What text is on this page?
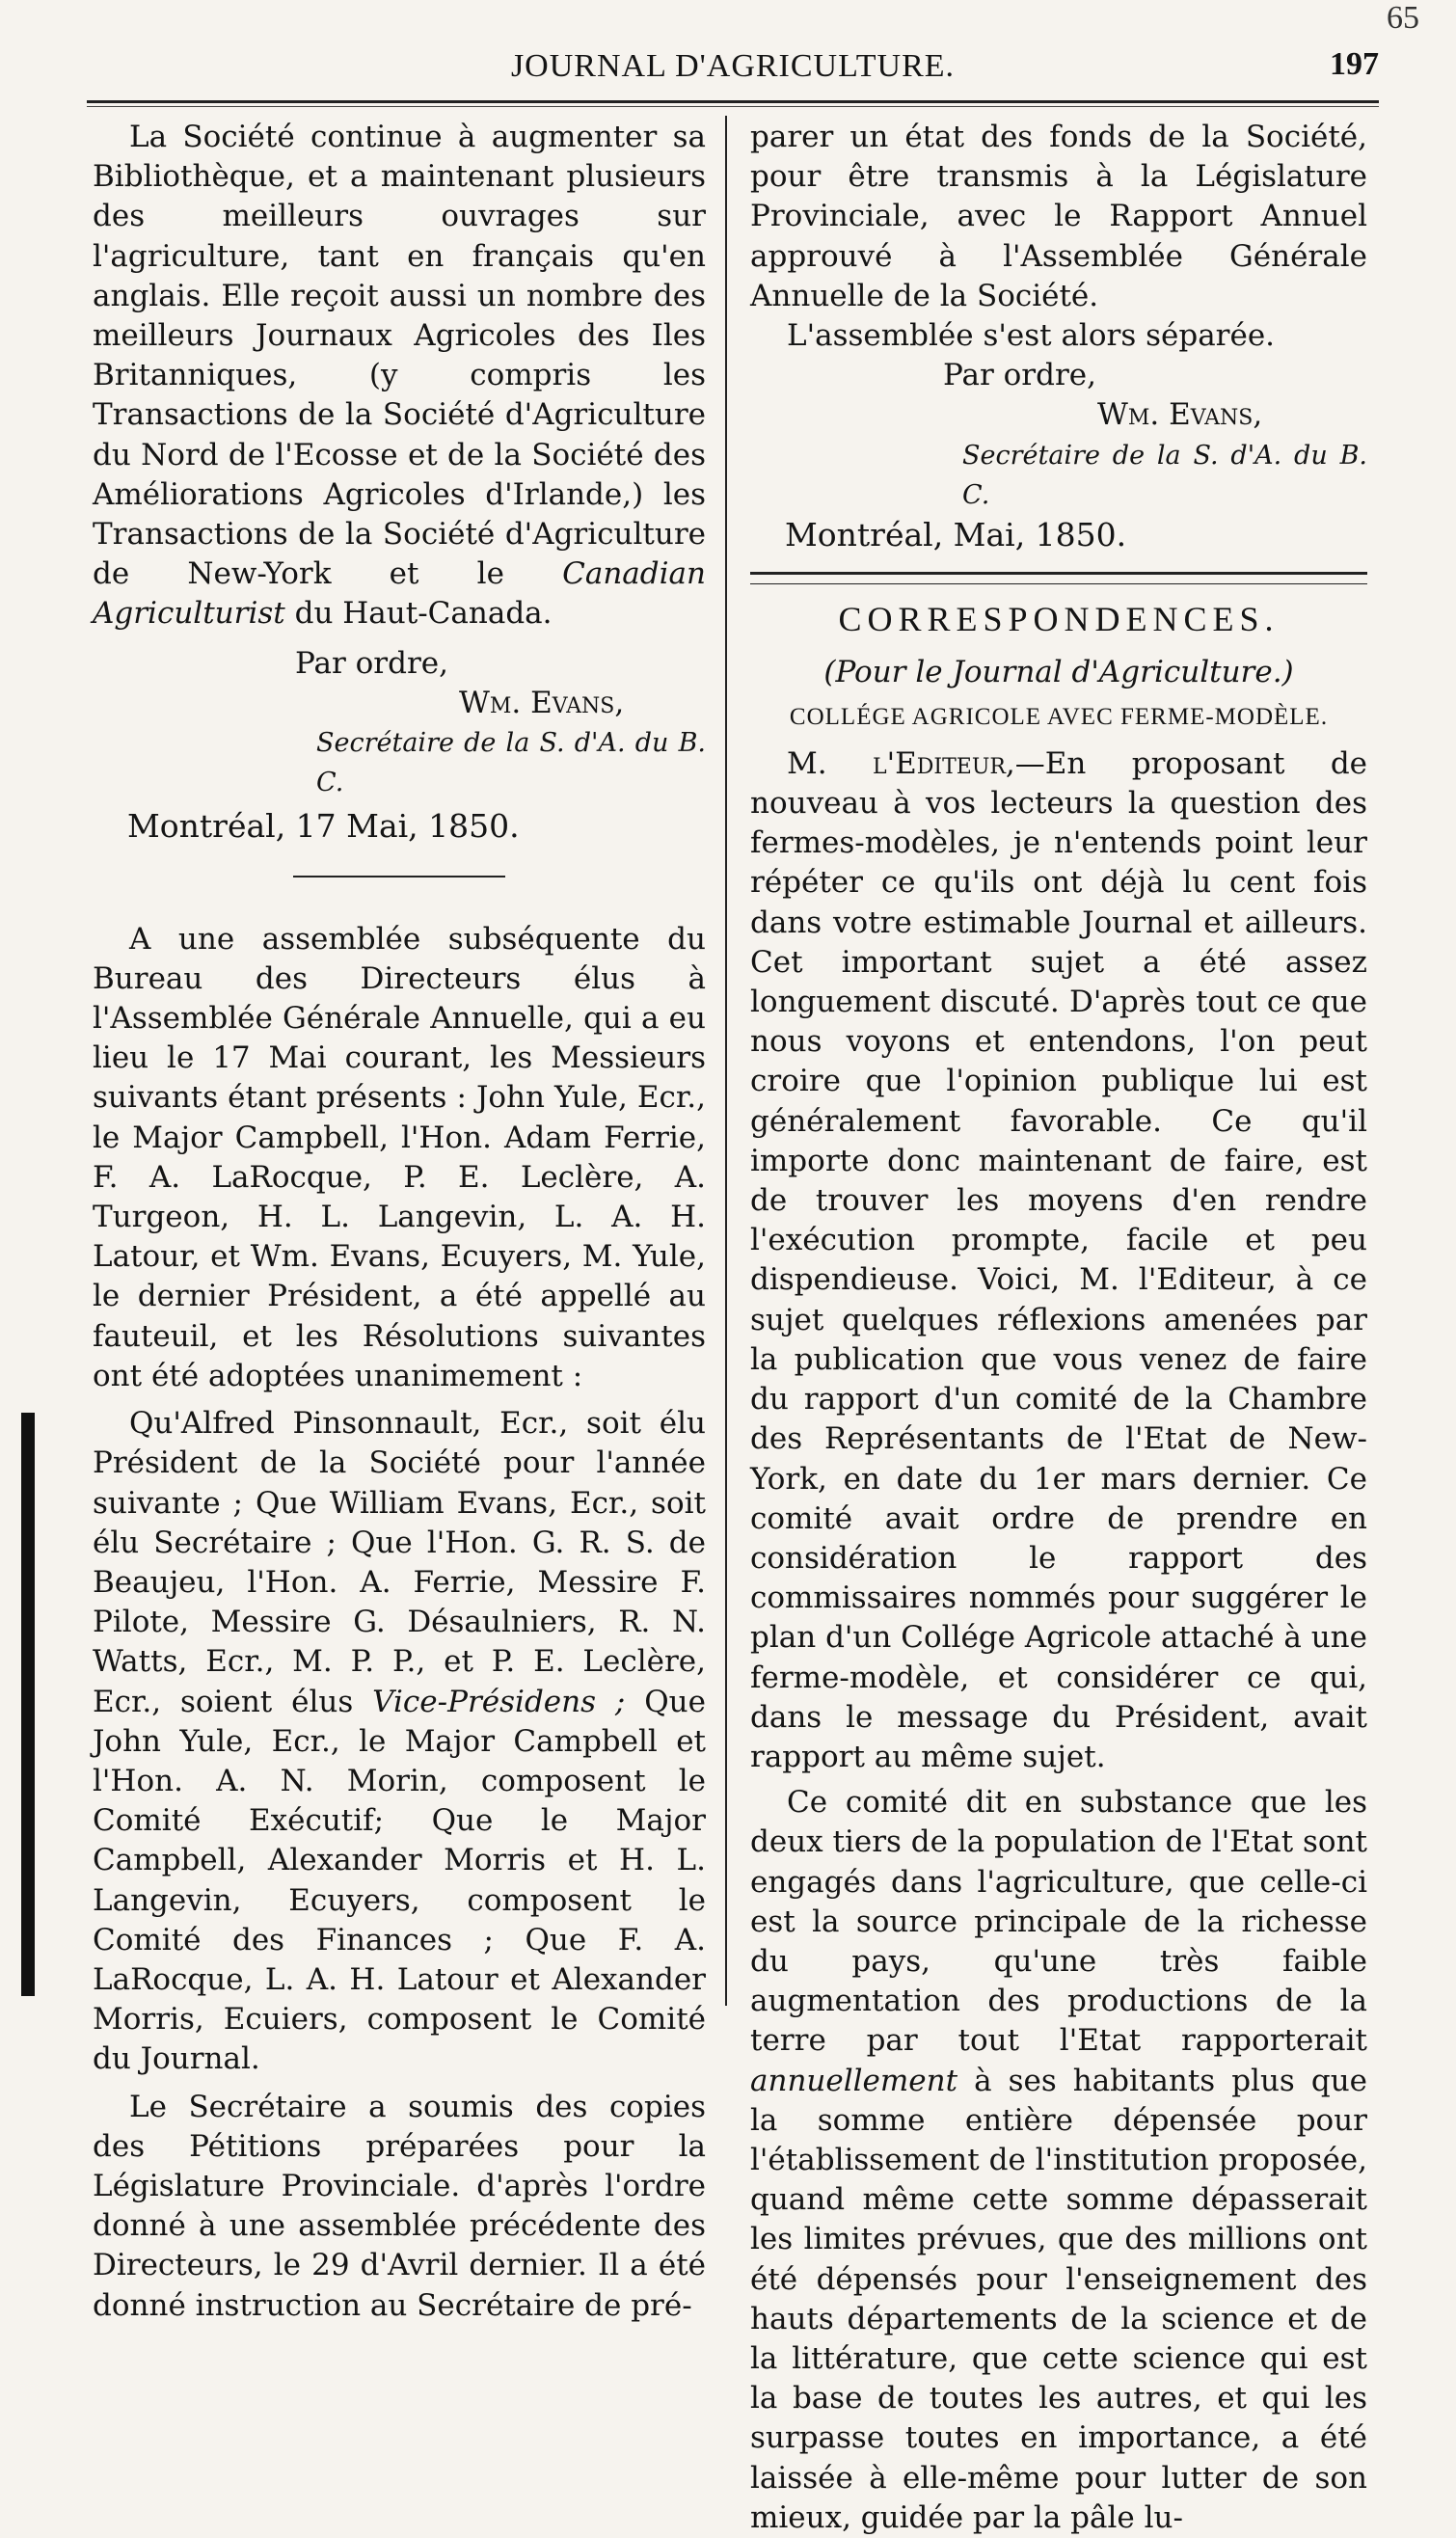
65
JOURNAL D'AGRICULTURE.	197

La Société continue à augmenter sa Bibliothèque, et a maintenant plusieurs des meilleurs ouvrages sur l'agriculture, tant en français qu'en anglais. Elle reçoit aussi un nombre des meilleurs Journaux Agricoles des Iles Britanniques, (y compris les Transactions de la Société d'Agriculture du Nord de l'Ecosse et de la Société des Améliorations Agricoles d'Irlande,) les Transactions de la Société d'Agriculture de New-York et le Canadian Agriculturist du Haut-Canada.

Par ordre,

Wm. Evans,

Secrétaire de la S. d'A. du B. C.

Montréal, 17 Mai, 1850.

A une assemblée subséquente du Bureau des Directeurs élus à l'Assemblée Générale Annuelle, qui a eu lieu le 17 Mai courant, les Messieurs suivants étant présents : John Yule, Ecr., le Major Campbell, l'Hon. Adam Ferrie, F. A. LaRocque, P. E. Leclère, A. Turgeon, H. L. Langevin, L. A. H. Latour, et Wm. Evans, Ecuyers, M. Yule, le dernier Président, a été appellé au fauteuil, et les Résolutions suivantes ont été adoptées unanimement :

Qu'Alfred Pinsonnault, Ecr., soit élu Président de la Société pour l'année suivante ; Que William Evans, Ecr., soit élu Secrétaire ; Que l'Hon. G. R. S. de Beaujeu, l'Hon. A. Ferrie, Messire F. Pilote, Messire G. Désaulniers, R. N. Watts, Ecr., M. P. P., et P. E. Leclère, Ecr., soient élus Vice-Présidens ; Que John Yule, Ecr., le Major Campbell et l'Hon. A. N. Morin, composent le Comité Exécutif; Que le Major Campbell, Alexander Morris et H. L. Langevin, Ecuyers, composent le Comité des Finances ; Que F. A. LaRocque, L. A. H. Latour et Alexander Morris, Ecuiers, composent le Comité du Journal.

Le Secrétaire a soumis des copies des Pétitions préparées pour la Législature Provinciale. d'après l'ordre donné à une assemblée précédente des Directeurs, le 29 d'Avril dernier. Il a été donné instruction au Secrétaire de pré-

parer un état des fonds de la Société, pour être transmis à la Législature Provinciale, avec le Rapport Annuel approuvé à l'Assemblée Générale Annuelle de la Société.

L'assemblée s'est alors séparée.

Par ordre,

Wm. Evans,

Secrétaire de la S. d'A. du B. C.

Montréal, Mai, 1850.

CORRESPONDENCES.

(Pour le Journal d'Agriculture.)

COLLÉGE AGRICOLE AVEC FERME-MODÈLE.

M. l'Editeur,—En proposant de nouveau à vos lecteurs la question des fermes-modèles, je n'entends point leur répéter ce qu'ils ont déjà lu cent fois dans votre estimable Journal et ailleurs. Cet important sujet a été assez longuement discuté. D'après tout ce que nous voyons et entendons, l'on peut croire que l'opinion publique lui est généralement favorable. Ce qu'il importe donc maintenant de faire, est de trouver les moyens d'en rendre l'exécution prompte, facile et peu dispendieuse. Voici, M. l'Editeur, à ce sujet quelques réflexions amenées par la publication que vous venez de faire du rapport d'un comité de la Chambre des Représentants de l'Etat de New-York, en date du 1er mars dernier. Ce comité avait ordre de prendre en considération le rapport des commissaires nommés pour suggérer le plan d'un Collége Agricole attaché à une ferme-modèle, et considérer ce qui, dans le message du Président, avait rapport au même sujet.

Ce comité dit en substance que les deux tiers de la population de l'Etat sont engagés dans l'agriculture, que celle-ci est la source principale de la richesse du pays, qu'une très faible augmentation des productions de la terre par tout l'Etat rapporterait annuellement à ses habitants plus que la somme entière dépensée pour l'établissement de l'institution proposée, quand même cette somme dépasserait les limites prévues, que des millions ont été dépensés pour l'enseignement des hauts départements de la science et de la littérature, que cette science qui est la base de toutes les autres, et qui les surpasse toutes en importance, a été laissée à elle-même pour lutter de son mieux, guidée par la pâle lu-
